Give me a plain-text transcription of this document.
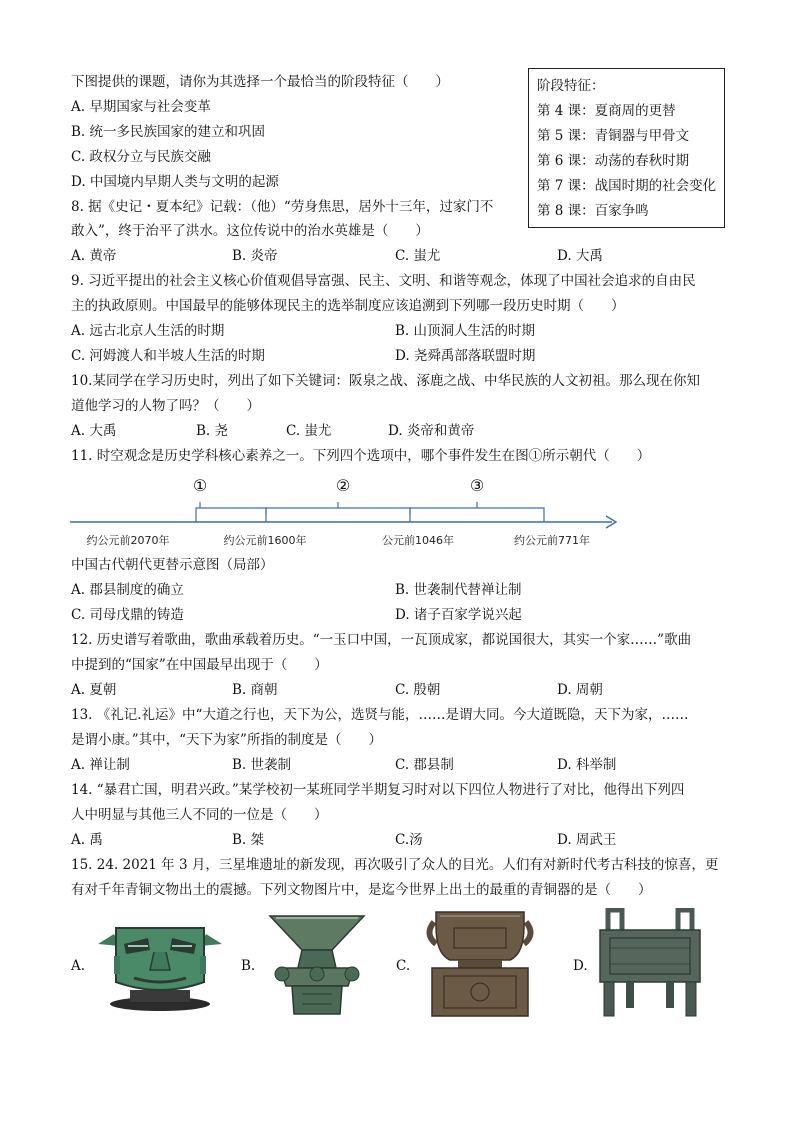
下图提供的课题，请你为其选择一个最恰当的阶段特征（　　）
A. 早期国家与社会变革
B. 统一多民族国家的建立和巩固
C. 政权分立与民族交融
D. 中国境内早期人类与文明的起源
阶段特征：
第 4 课：夏商周的更替
第 5 课：青铜器与甲骨文
第 6 课：动荡的春秋时期
第 7 课：战国时期的社会变化
第 8 课：百家争鸣
8. 据《史记・夏本纪》记载：（他）“劳身焦思，居外十三年，过家门不
敢入”，终于治平了洪水。这位传说中的治水英雄是（　　）
A. 黄帝	B. 炎帝	C. 蚩尤	D. 大禹
9. 习近平提出的社会主义核心价值观倡导富强、民主、文明、和谐等观念，体现了中国社会追求的自由民
主的执政原则。中国最早的能够体现民主的选举制度应该追溯到下列哪一段历史时期（　　）
A. 远古北京人生活的时期	B. 山顶洞人生活的时期
C. 河姆渡人和半坡人生活的时期	D. 尧舜禹部落联盟时期
10.某同学在学习历史时，列出了如下关键词：阪泉之战、涿鹿之战、中华民族的人文初祖。那么现在你知
道他学习的人物了吗？（　　）
A. 大禹	B. 尧	C. 蚩尤	D. 炎帝和黄帝
11. 时空观念是历史学科核心素养之一。下列四个选项中，哪个事件发生在图①所示朝代（　　）
①	②	③
约公元前2070年	约公元前1600年	公元前1046年	约公元前771年
中国古代朝代更替示意图（局部）
A. 郡县制度的确立	B. 世袭制代替禅让制
C. 司母戊鼎的铸造	D. 诸子百家学说兴起
12. 历史谱写着歌曲，歌曲承载着历史。“一玉口中国，一瓦顶成家，都说国很大，其实一个家……”歌曲
中提到的“国家”在中国最早出现于（　　）
A. 夏朝	B. 商朝	C. 殷朝	D. 周朝
13. 《礼记.礼运》中“大道之行也，天下为公，选贤与能，……是谓大同。今大道既隐，天下为家，……
是谓小康。”其中，“天下为家”所指的制度是（　　）
A. 禅让制	B. 世袭制	C. 郡县制	D. 科举制
14. “暴君亡国，明君兴政。”某学校初一某班同学半期复习时对以下四位人物进行了对比，他得出下列四
人中明显与其他三人不同的一位是（　　）
A. 禹	B. 桀	C.汤	D. 周武王
15. 24. 2021 年 3 月，三星堆遗址的新发现，再次吸引了众人的目光。人们有对新时代考古科技的惊喜，更
有对千年青铜文物出土的震撼。下列文物图片中，是迄今世界上出土的最重的青铜器的是（　　）
A.	B.	C.	D.
